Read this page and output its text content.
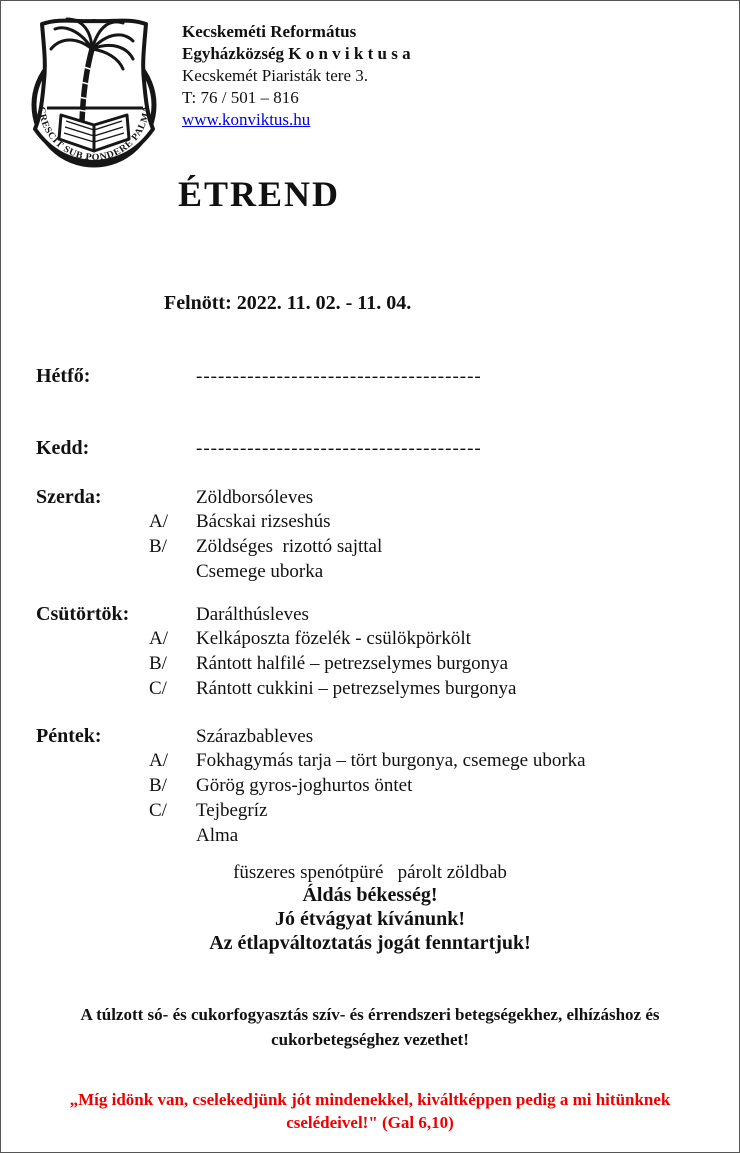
CRESCIT SUB PONDERE PALMA
Kecskeméti Református
Egyházközség K o n v i k t u s a
Kecskemét Piaristák tere 3.
T: 76 / 501 – 816
www.konviktus.hu
ÉTREND
Felnött: 2022. 11. 02. - 11. 04.
Hétfő:	---------------------------------------
Kedd:	---------------------------------------
Szerda:	Zöldborsóleves
A/	Bácskai rizseshús
B/	Zöldséges  rizottó sajttal
Csemege uborka
Csütörtök:	Darálthúsleves
A/	Kelkáposzta fözelék - csülökpörkölt
B/	Rántott halfilé – petrezselymes burgonya
C/	Rántott cukkini – petrezselymes burgonya
Péntek:	Szárazbableves
A/	Fokhagymás tarja – tört burgonya, csemege uborka
B/	Görög gyros-joghurtos öntet
C/	Tejbegríz
Alma
füszeres spenótpüré   párolt zöldbab
Áldás békesség!
Jó étvágyat kívánunk!
Az étlapváltoztatás jogát fenntartjuk!
A túlzott só- és cukorfogyasztás szív- és érrendszeri betegségekhez, elhízáshoz és cukorbetegséghez vezethet!
„Míg idönk van, cselekedjünk jót mindenekkel, kiváltképpen pedig a mi hitünknek cselédeivel!" (Gal 6,10)
